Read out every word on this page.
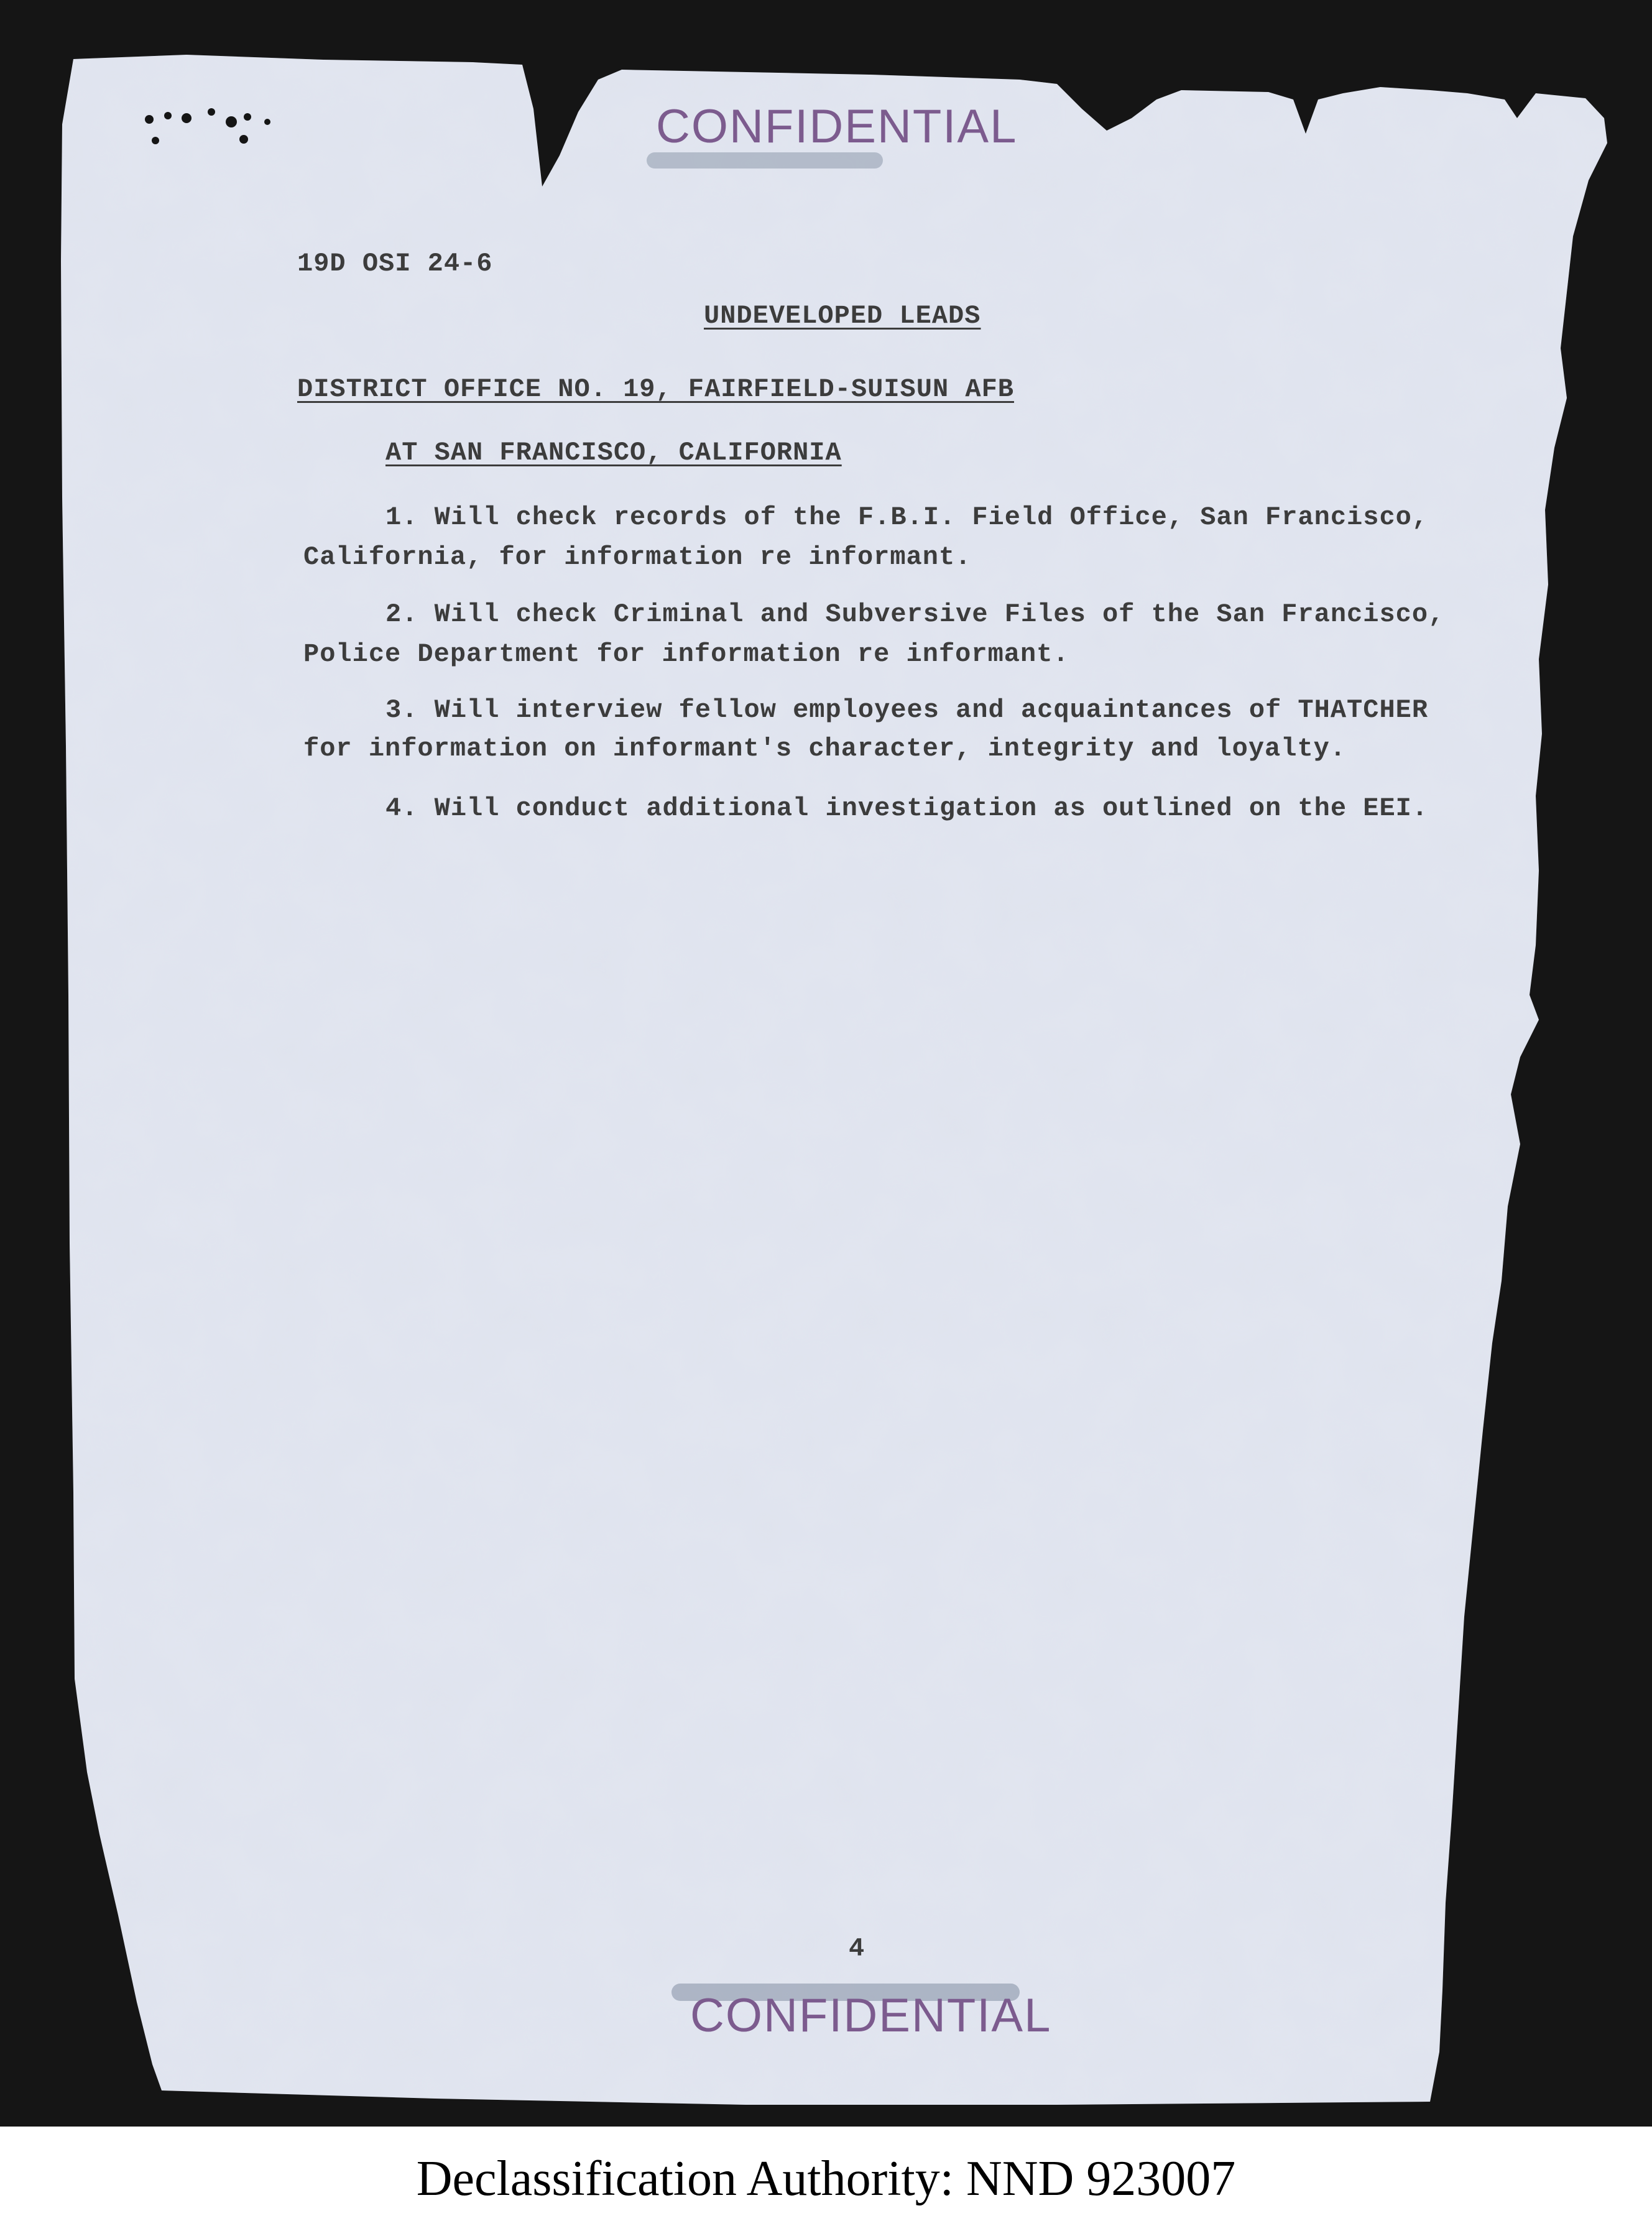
CONFIDENTIAL
19D OSI 24-6
UNDEVELOPED LEADS
DISTRICT OFFICE NO. 19, FAIRFIELD-SUISUN AFB
AT SAN FRANCISCO, CALIFORNIA
1. Will check records of the F.B.I. Field Office, San Francisco,
California, for information re informant.
2. Will check Criminal and Subversive Files of the San Francisco,
Police Department for information re informant.
3. Will interview fellow employees and acquaintances of THATCHER
for information on informant's character, integrity and loyalty.
4. Will conduct additional investigation as outlined on the EEI.
4
CONFIDENTIAL
Declassification Authority: NND 923007
